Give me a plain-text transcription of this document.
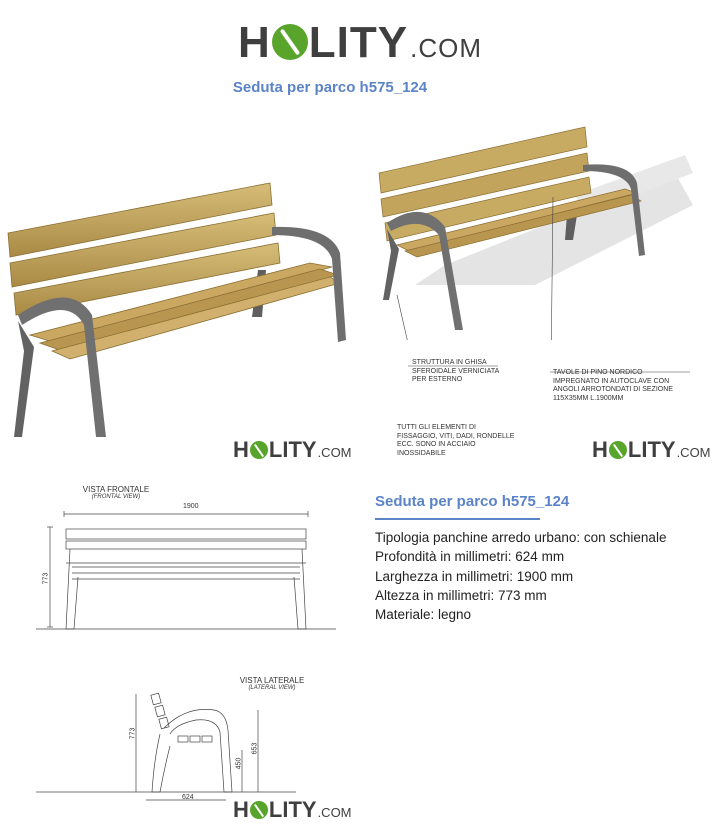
H LITY .COM
Seduta per parco h575_124
STRUTTURA IN GHISA
SFEROIDALE VERNICIATA
PER ESTERNO
TAVOLE DI PINO NORDICO
IMPREGNATO IN AUTOCLAVE CON
ANGOLI ARROTONDATI DI SEZIONE
115X35MM L.1900MM
TUTTI GLI ELEMENTI DI
FISSAGGIO, VITI, DADI, RONDELLE
ECC. SONO IN ACCIAIO
INOSSIDABILE
H LITY .COM	H LITY .COM
VISTA FRONTALE
(FRONTAL VIEW)
1900
773
VISTA LATERALE
(LATERAL VIEW)
773
450
653
624 H LITY .COM
Seduta per parco h575_124
Tipologia panchine arredo urbano: con schienale
Profondità in millimetri: 624 mm
Larghezza in millimetri: 1900 mm
Altezza in millimetri: 773 mm
Materiale: legno
